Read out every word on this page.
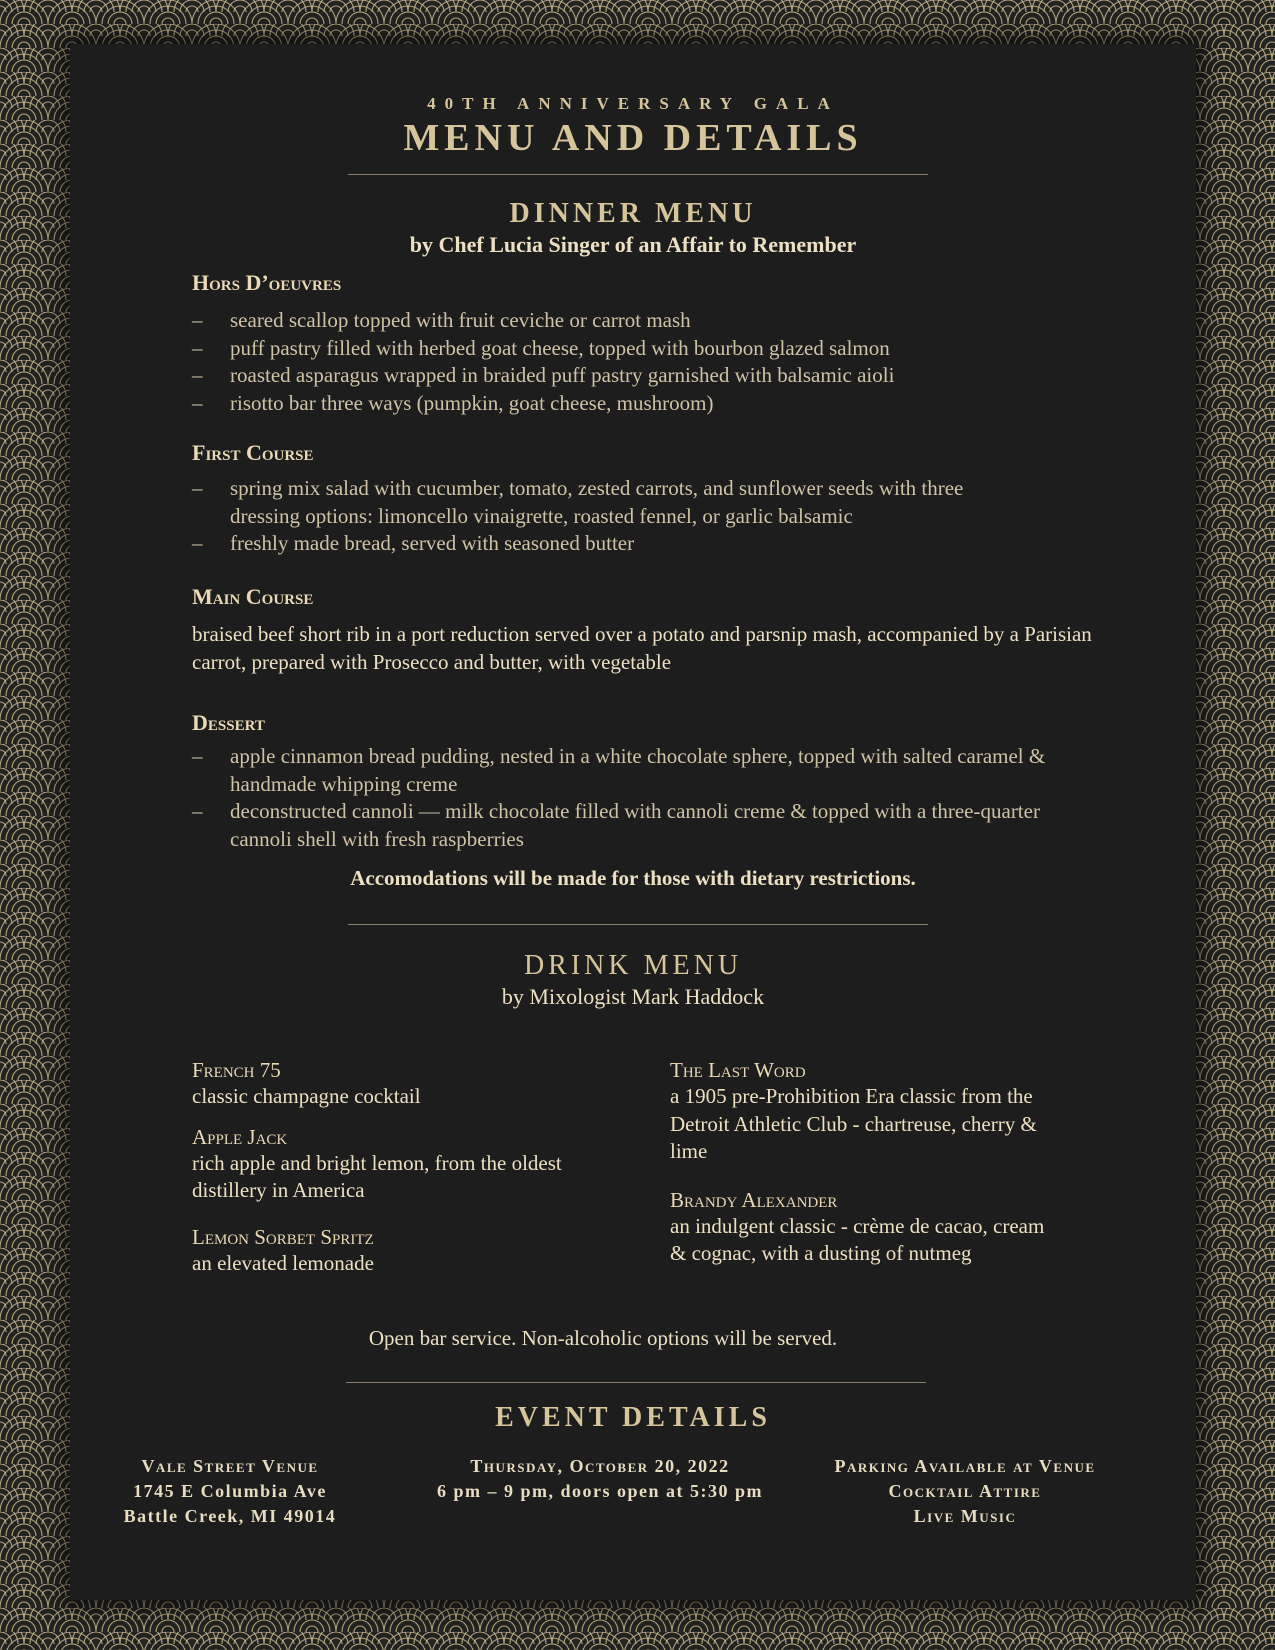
40TH ANNIVERSARY GALA
MENU AND DETAILS
DINNER MENU
by Chef Lucia Singer of an Affair to Remember
Hors D’oeuvres
– seared scallop topped with fruit ceviche or carrot mash
– puff pastry filled with herbed goat cheese, topped with bourbon glazed salmon
– roasted asparagus wrapped in braided puff pastry garnished with balsamic aioli
– risotto bar three ways (pumpkin, goat cheese, mushroom)
First Course
– spring mix salad with cucumber, tomato, zested carrots, and sunflower seeds with three dressing options: limoncello vinaigrette, roasted fennel, or garlic balsamic
– freshly made bread, served with seasoned butter
Main Course
braised beef short rib in a port reduction served over a potato and parsnip mash, accompanied by a Parisian carrot, prepared with Prosecco and butter, with vegetable
Dessert
– apple cinnamon bread pudding, nested in a white chocolate sphere, topped with salted caramel & handmade whipping creme
– deconstructed cannoli — milk chocolate filled with cannoli creme & topped with a three-quarter cannoli shell with fresh raspberries
Accomodations will be made for those with dietary restrictions.
DRINK MENU
by Mixologist Mark Haddock
French 75
classic champagne cocktail
Apple Jack
rich apple and bright lemon, from the oldest distillery in America
Lemon Sorbet Spritz
an elevated lemonade
The Last Word
a 1905 pre-Prohibition Era classic from the Detroit Athletic Club - chartreuse, cherry & lime
Brandy Alexander
an indulgent classic - crème de cacao, cream & cognac, with a dusting of nutmeg
Open bar service. Non-alcoholic options will be served.
EVENT DETAILS
Vale Street Venue
1745 E Columbia Ave
Battle Creek, MI 49014
Thursday, October 20, 2022
6 pm – 9 pm, doors open at 5:30 pm
Parking Available at Venue
Cocktail Attire
Live Music
